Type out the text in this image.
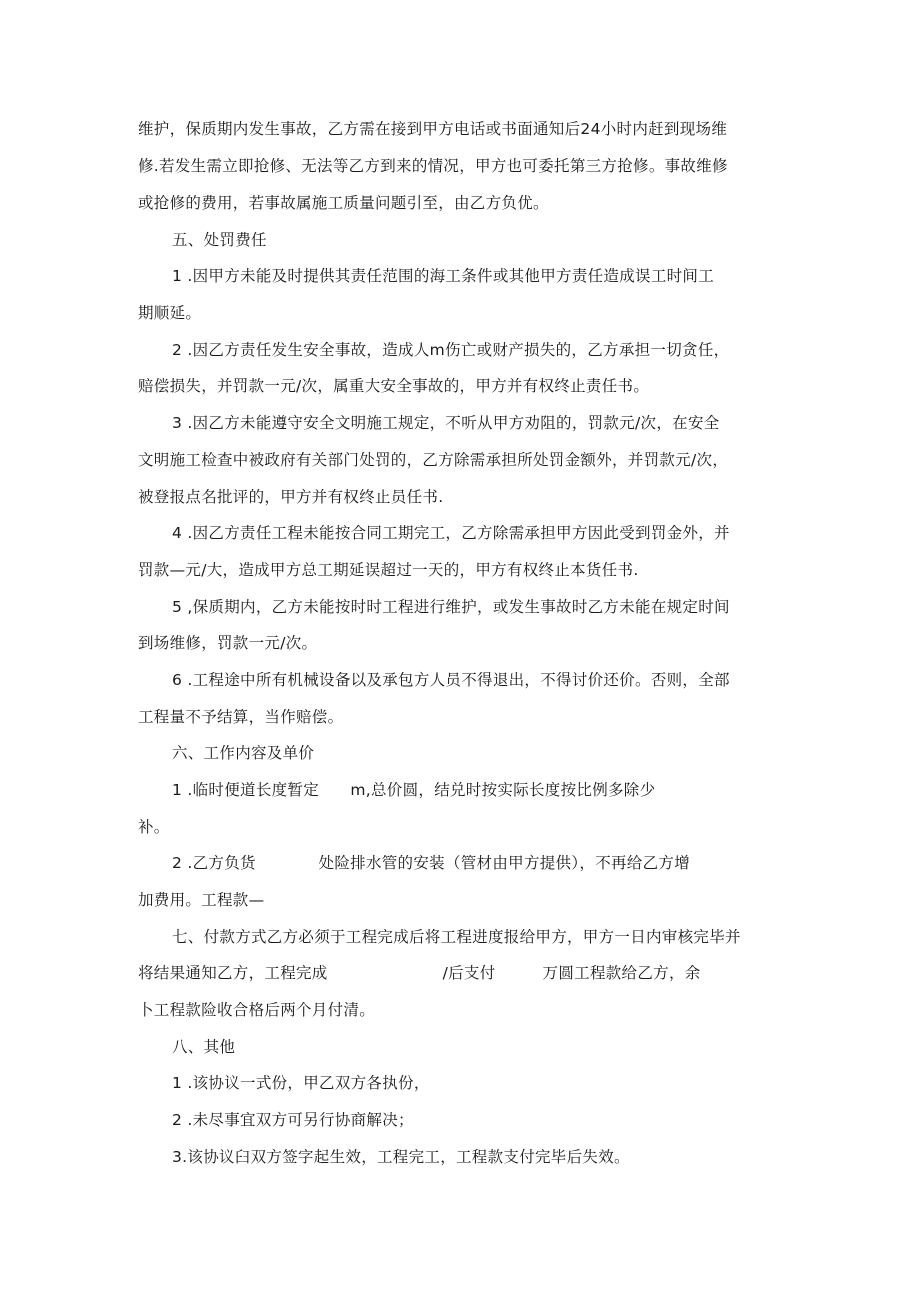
维护，保质期内发生事故，乙方需在接到甲方电话或书面通知后24小时内赶到现场维
修.若发生需立即抢修、无法等乙方到来的情况，甲方也可委托第三方抢修。事故维修
或抢修的费用，若事故属施工质量问题引至，由乙方负优。
五、处罚费任
1 .因甲方未能及时提供其责任范围的海工条件或其他甲方责任造成误工时间工
期顺延。
2 .因乙方责任发生安全事故，造成人m伤亡或财产损失的，乙方承担一切贪任，
赔偿损失，并罚款一元/次，属重大安全事故的，甲方并有权终止责任书。
3 .因乙方未能遵守安全文明施工规定，不听从甲方劝阻的，罚款元/次，在安全
文明施工检查中被政府有关部门处罚的，乙方除需承担所处罚金额外，并罚款元/次，
被登报点名批评的，甲方并有权终止员任书.
4 .因乙方责任工程未能按合同工期完工，乙方除需承担甲方因此受到罚金外，并
罚款—元/大，造成甲方总工期延误超过一天的，甲方有权终止本货任书.
5 ,保质期内，乙方未能按时时工程进行维护，或发生事故时乙方未能在规定时间
到场维修，罚款一元/次。
6 .工程途中所有机械设备以及承包方人员不得退出，不得讨价还价。否则，全部
工程量不予结算，当作赔偿。
六、工作内容及单价
1 .临时便道长度暂定      m,总价圆，结兑时按实际长度按比例多除少
补。
2 .乙方负货            处险排水管的安装（管材由甲方提供），不再给乙方增
加费用。工程款—
七、付款方式乙方必须于工程完成后将工程进度报给甲方，甲方一日内审核完毕并
将结果通知乙方，工程完成                      /后支付         万圆工程款给乙方，余
卜工程款险收合格后两个月付清。
八、其他
1 .该协议一式份，甲乙双方各执份，
2 .未尽事宜双方可另行协商解决；
3.该协议臼双方签字起生效，工程完工，工程款支付完毕后失效。
